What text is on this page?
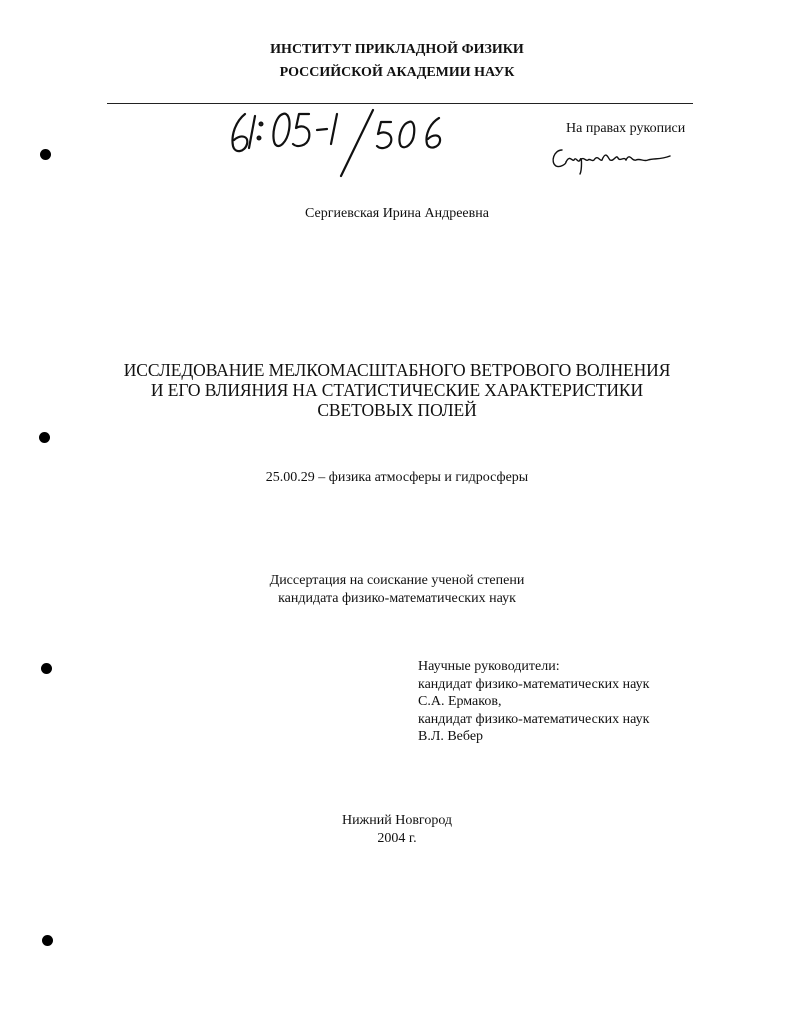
ИНСТИТУТ ПРИКЛАДНОЙ ФИЗИКИ
РОССИЙСКОЙ АКАДЕМИИ НАУК
На правах рукописи
Сергиевская Ирина Андреевна
ИССЛЕДОВАНИЕ МЕЛКОМАСШТАБНОГО ВЕТРОВОГО ВОЛНЕНИЯ
И ЕГО ВЛИЯНИЯ НА СТАТИСТИЧЕСКИЕ ХАРАКТЕРИСТИКИ
СВЕТОВЫХ ПОЛЕЙ
25.00.29 – физика атмосферы и гидросферы
Диссертация на соискание ученой степени
кандидата физико-математических наук
Научные руководители:
кандидат физико-математических наук
С.А. Ермаков,
кандидат физико-математических наук
В.Л. Вебер
Нижний Новгород
2004 г.
